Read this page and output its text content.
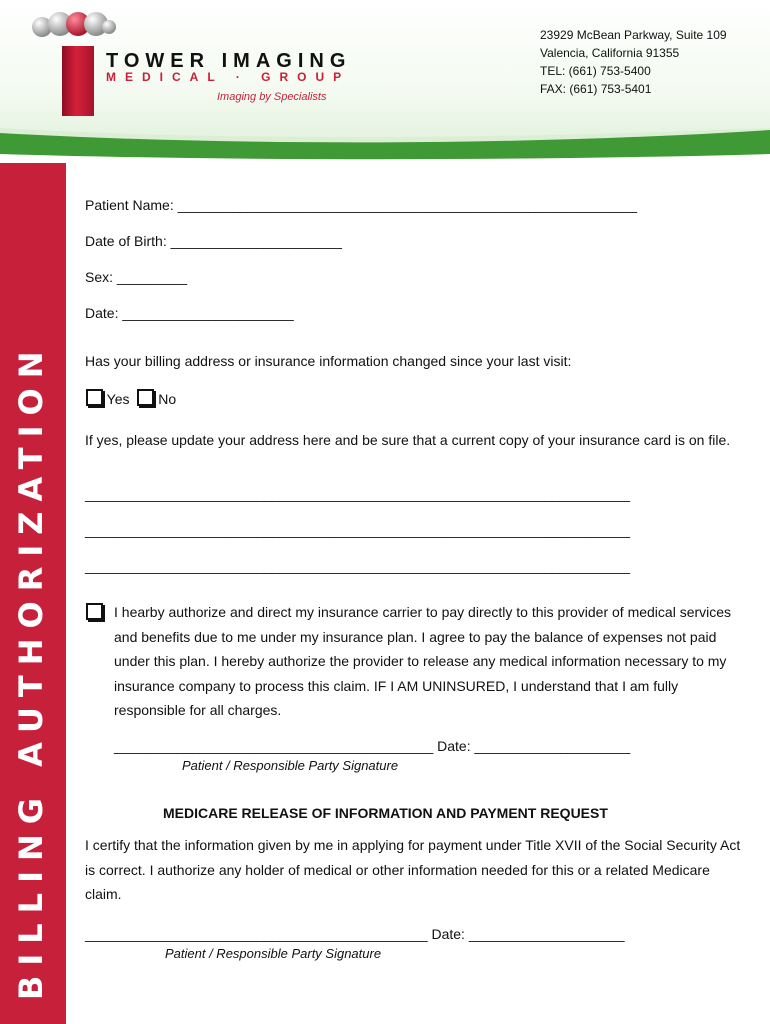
TOWER IMAGING
MEDICAL · GROUP
Imaging by Specialists
23929 McBean Parkway, Suite 109
Valencia, California 91355
TEL: (661) 753-5400
FAX: (661) 753-5401
BILLING AUTHORIZATION
Patient Name: ___________________________________________________________
Date of Birth: ______________________
Sex: _________
Date: ______________________
Has your billing address or insurance information changed since your last visit:
Yes No
If yes, please update your address here and be sure that a current copy of your insurance card is on file.
______________________________________________________________________
______________________________________________________________________
______________________________________________________________________
I hearby authorize and direct my insurance carrier to pay directly to this provider of medical services and benefits due to me under my insurance plan. I agree to pay the balance of expenses not paid under this plan. I hereby authorize the provider to release any medical information necessary to my insurance company to process this claim. IF I AM UNINSURED, I understand that I am fully responsible for all charges.
_________________________________________ Date: ____________________
Patient / Responsible Party Signature
MEDICARE RELEASE OF INFORMATION AND PAYMENT REQUEST
I certify that the information given by me in applying for payment under Title XVII of the Social Security Act is correct. I authorize any holder of medical or other information needed for this or a related Medicare claim.
____________________________________________ Date: ____________________
Patient / Responsible Party Signature
